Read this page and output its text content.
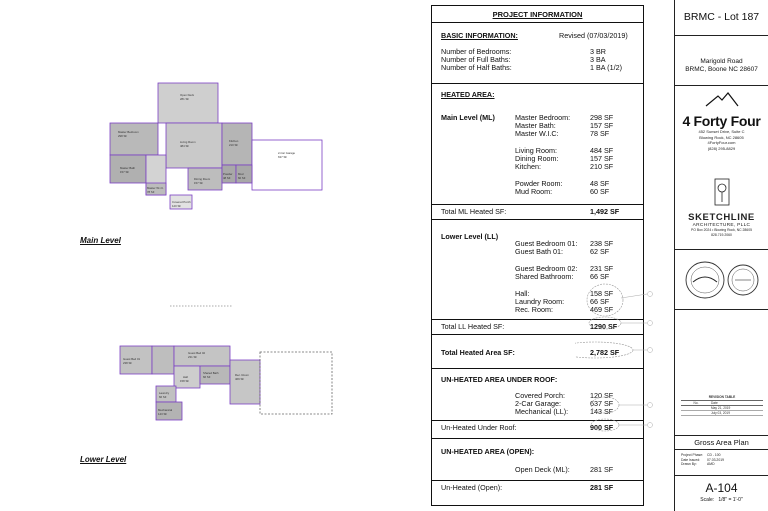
Open Deck
281 SF
Master Bedroom
298 SF
Living Room
484 SF
Kitchen
210 SF
2-Car Garage
637 SF
Master Bath
157 SF
Dining Room
157 SF
Powder
48 SF
Mud
60 SF
Master W.I.C.
78 SF
Covered Porch
120 SF
Guest Bed 01
238 SF
Guest Bed 02
231 SF
Shared Bath
66 SF	Rec. Room
469 SF
Hall
158 SF
Laundry
66 SF
Mechanical
143 SF
Main Level
Lower Level
PROJECT INFORMATION
BASIC INFORMATION:	Revised (07/03/2019)
Number of Bedrooms:	3 BR
Number of Full Baths:	3 BA
Number of Half Baths:	1 BA (1/2)
HEATED AREA:
Main Level (ML)	Master Bedroom:	298 SF
Master Bath:	157 SF
Master W.I.C:	78 SF
Living Room:	484 SF
Dining Room:	157 SF
Kitchen:	210 SF
Powder Room:	48 SF
Mud Room:	60 SF
Total ML Heated SF:	1,492 SF
Lower Level (LL)
Guest Bedroom 01: 238 SF
Guest Bath 01:	62 SF
Guest Bedroom 02: 231 SF
Shared Bathroom: 66 SF
Hall:	158 SF
Laundry Room:	66 SF
Rec. Room:	469 SF
Total LL Heated SF:	1290 SF
Total Heated Area SF:	2,782 SF
UN-HEATED AREA UNDER ROOF:
Covered Porch:	120 SF
2-Car Garage:	637 SF
Mechanical (LL):	143 SF
Un-Heated Under Roof:	900 SF
UN-HEATED AREA (OPEN):
Open Deck (ML):	281 SF
Un-Heated (Open):	281 SF
BRMC - Lot 187
Marigold Road
BRMC, Boone NC 28607
4 Forty Four
452 Sunset Drive, Suite C
Blowing Rock, NC 28605
4FortyFour.com
(828) 295-8829
SKETCHLINE
ARCHITECTURE, PLLC
PO Box 2024 • Blowing Rock, NC 28605
828.719.2060
REVISION TABLE
No.	Date
May 21, 2019
July 03, 2019
Gross Area Plan
Project Phase: CD - 100
Date Issued: 07.03.2019
Drawn By:	AMD
A-104
Scale:   1/8" = 1'-0"
